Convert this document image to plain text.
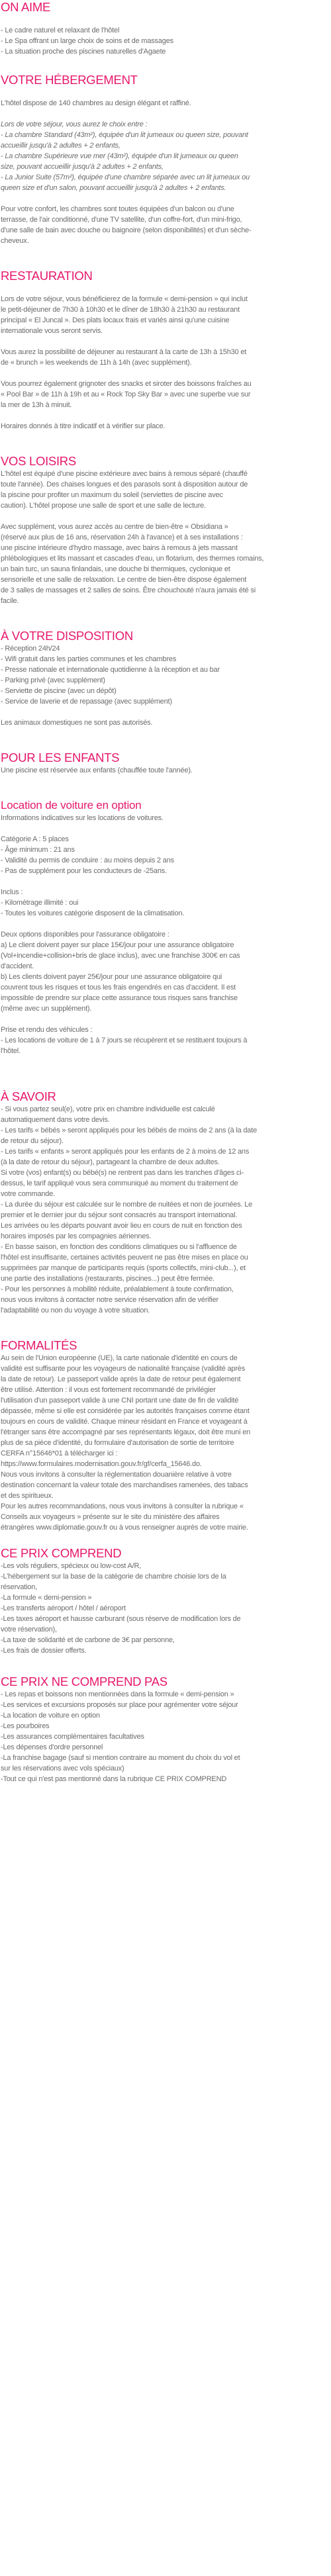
ON AIME
- Le cadre naturel et relaxant de l'hôtel
- Le Spa offrant un large choix de soins et de massages
- La situation proche des piscines naturelles d'Agaete
VOTRE HÉBERGEMENT
L'hôtel dispose de 140 chambres au design élégant et raffiné.
Lors de votre séjour, vous aurez le choix entre :
- La chambre Standard (43m²), équipée d'un lit jumeaux ou queen size, pouvant
accueillir jusqu'à 2 adultes + 2 enfants,
- La chambre Supérieure vue mer (43m²), équipée d'un lit jumeaux ou queen
size, pouvant accueillir jusqu'à 2 adultes + 2 enfants,
- La Junior Suite (57m²), équipée d'une chambre séparée avec un lit jumeaux ou
queen size et d'un salon, pouvant accueillir jusqu'à 2 adultes + 2 enfants.
Pour votre confort, les chambres sont toutes équipées d'un balcon ou d'une
terrasse, de l'air conditionné, d'une TV satellite, d'un coffre-fort, d'un mini-frigo,
d'une salle de bain avec douche ou baignoire (selon disponibilités) et d'un sèche-
cheveux.
RESTAURATION
Lors de votre séjour, vous bénéficierez de la formule « demi-pension » qui inclut
le petit-déjeuner de 7h30 à 10h30 et le dîner de 18h30 à 21h30 au restaurant
principal « El Juncal ». Des plats locaux frais et variés ainsi qu'une cuisine
internationale vous seront servis.
Vous aurez la possibilité de déjeuner au restaurant à la carte de 13h à 15h30 et
de « brunch » les weekends de 11h à 14h (avec supplément).
Vous pourrez également grignoter des snacks et siroter des boissons fraîches au
« Pool Bar » de 11h à 19h et au « Rock Top Sky Bar » avec une superbe vue sur
la mer de 13h à minuit.
Horaires donnés à titre indicatif et à vérifier sur place.
VOS LOISIRS
L'hôtel est équipé d'une piscine extérieure avec bains à remous séparé (chauffé
toute l'année). Des chaises longues et des parasols sont à disposition autour de
la piscine pour profiter un maximum du soleil (serviettes de piscine avec
caution). L'hôtel propose une salle de sport et une salle de lecture.
Avec supplément, vous aurez accès au centre de bien-être « Obsidiana »
(réservé aux plus de 16 ans, réservation 24h à l'avance) et à ses installations :
une piscine intérieure d'hydro massage, avec bains à remous à jets massant
phlébologiques et lits massant et cascades d'eau, un flotarium, des thermes romains,
un bain turc, un sauna finlandais, une douche bi thermiques, cyclonique et
sensorielle et une salle de relaxation. Le centre de bien-être dispose également
de 3 salles de massages et 2 salles de soins. Être chouchouté n'aura jamais été si
facile.
À VOTRE DISPOSITION
- Réception 24h/24
- Wifi gratuit dans les parties communes et les chambres
- Presse nationale et internationale quotidienne à la réception et au bar
- Parking privé (avec supplément)
- Serviette de piscine (avec un dépôt)
- Service de laverie et de repassage (avec supplément)
Les animaux domestiques ne sont pas autorisés.
POUR LES ENFANTS
Une piscine est réservée aux enfants (chauffée toute l'année).
Location de voiture en option
Informations indicatives sur les locations de voitures.
Catégorie A : 5 places
- Âge minimum : 21 ans
- Validité du permis de conduire : au moins depuis 2 ans
- Pas de supplément pour les conducteurs de -25ans.
Inclus :
- Kilométrage illimité : oui
- Toutes les voitures catégorie disposent de la climatisation.
Deux options disponibles pour l'assurance obligatoire :
a) Le client doivent payer sur place 15€/jour pour une assurance obligatoire
(Vol+incendie+collision+bris de glace inclus), avec une franchise 300€ en cas
d'accident.
b) Les clients doivent payer 25€/jour pour une assurance obligatoire qui
couvrent tous les risques et tous les frais engendrés en cas d'accident. Il est
impossible de prendre sur place cette assurance tous risques sans franchise
(même avec un supplément).
Prise et rendu des véhicules :
- Les locations de voiture de 1 à 7 jours se récupèrent et se restituent toujours à
l'hôtel.
À SAVOIR
- Si vous partez seul(e), votre prix en chambre individuelle est calculé
automatiquement dans votre devis.
- Les tarifs « bébés » seront appliqués pour les bébés de moins de 2 ans (à la date
de retour du séjour).
- Les tarifs « enfants » seront appliqués pour les enfants de 2 à moins de 12 ans
(à la date de retour du séjour), partageant la chambre de deux adultes.
Si votre (vos) enfant(s) ou bébé(s) ne rentrent pas dans les tranches d'âges ci-
dessus, le tarif appliqué vous sera communiqué au moment du traitement de
votre commande.
- La durée du séjour est calculée sur le nombre de nuitées et non de journées. Le
premier et le dernier jour du séjour sont consacrés au transport international.
Les arrivées ou les départs pouvant avoir lieu en cours de nuit en fonction des
horaires imposés par les compagnies aériennes.
- En basse saison, en fonction des conditions climatiques ou si l'affluence de
l'hôtel est insuffisante, certaines activités peuvent ne pas être mises en place ou
supprimées par manque de participants requis (sports collectifs, mini-club...), et
une partie des installations (restaurants, piscines...) peut être fermée.
- Pour les personnes à mobilité réduite, préalablement à toute confirmation,
nous vous invitons à contacter notre service réservation afin de vérifier
l'adaptabilité ou non du voyage à votre situation.
FORMALITÉS
Au sein de l'Union européenne (UE), la carte nationale d'identité en cours de
validité est suffisante pour les voyageurs de nationalité française (validité après
la date de retour). Le passeport valide après la date de retour peut également
être utilisé. Attention : il vous est fortement recommandé de privilégier
l'utilisation d'un passeport valide à une CNI portant une date de fin de validité
dépassée, même si elle est considérée par les autorités françaises comme étant
toujours en cours de validité. Chaque mineur résidant en France et voyageant à
l'étranger sans être accompagné par ses représentants légaux, doit être muni en
plus de sa pièce d'identité, du formulaire d'autorisation de sortie de territoire
CERFA n°15646*01 à télécharger ici :
https://www.formulaires.modernisation.gouv.fr/gf/cerfa_15646.do.
Nous vous invitons à consulter la réglementation douanière relative à votre
destination concernant la valeur totale des marchandises ramenées, des tabacs
et des spiritueux.
Pour les autres recommandations, nous vous invitons à consulter la rubrique «
Conseils aux voyageurs » présente sur le site du ministère des affaires
étrangères www.diplomatie.gouv.fr ou à vous renseigner auprès de votre mairie.
CE PRIX COMPREND
-Les vols réguliers, spécieux ou low-cost A/R,
-L'hébergement sur la base de la catégorie de chambre choisie lors de la
réservation,
-La formule « demi-pension »
-Les transferts aéroport / hôtel / aéroport
-Les taxes aéroport et hausse carburant (sous réserve de modification lors de
votre réservation),
-La taxe de solidarité et de carbone de 3€ par personne,
-Les frais de dossier offerts.
CE PRIX NE COMPREND PAS
- Les repas et boissons non mentionnées dans la formule « demi-pension »
-Les services et excursions proposés sur place pour agrémenter votre séjour
-La location de voiture en option
-Les pourboires
-Les assurances complémentaires facultatives
-Les dépenses d'ordre personnel
-La franchise bagage (sauf si mention contraire au moment du choix du vol et
sur les réservations avec vols spéciaux)
-Tout ce qui n'est pas mentionné dans la rubrique CE PRIX COMPREND
